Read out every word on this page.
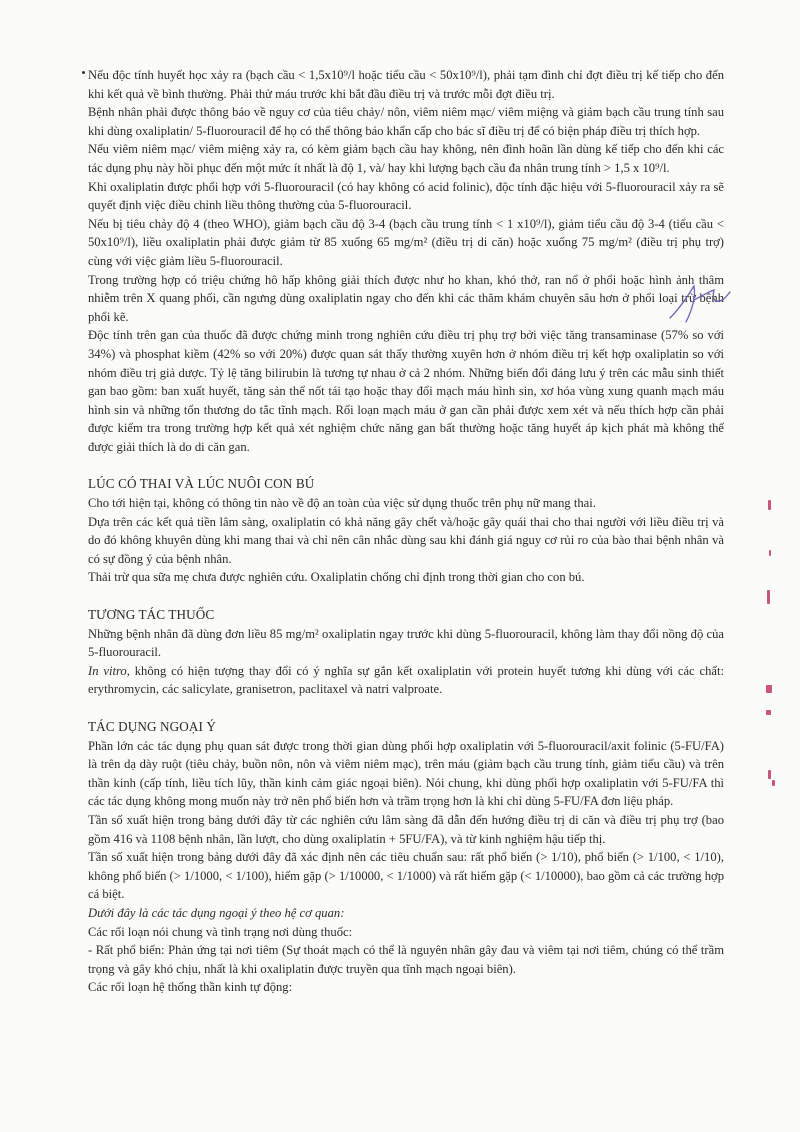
Nếu độc tính huyết học xảy ra (bạch cầu < 1,5x10⁹/l hoặc tiểu cầu < 50x10⁹/l), phải tạm đình chỉ đợt điều trị kế tiếp cho đến khi kết quả về bình thường. Phải thử máu trước khi bắt đầu điều trị và trước mỗi đợt điều trị.

Bệnh nhân phải được thông báo về nguy cơ của tiêu chảy/ nôn, viêm niêm mạc/ viêm miệng và giảm bạch cầu trung tính sau khi dùng oxaliplatin/ 5-fluorouracil để họ có thể thông báo khẩn cấp cho bác sĩ điều trị để có biện pháp điều trị thích hợp.

Nếu viêm niêm mạc/ viêm miệng xảy ra, có kèm giảm bạch cầu hay không, nên đình hoãn lần dùng kế tiếp cho đến khi các tác dụng phụ này hồi phục đến một mức ít nhất là độ 1, và/ hay khi lượng bạch cầu đa nhân trung tính > 1,5 x 10⁹/l.

Khi oxaliplatin được phối hợp với 5-fluorouracil (có hay không có acid folinic), độc tính đặc hiệu với 5-fluorouracil xảy ra sẽ quyết định việc điều chỉnh liều thông thường của 5-fluorouracil.

Nếu bị tiêu chảy độ 4 (theo WHO), giảm bạch cầu độ 3-4 (bạch cầu trung tính < 1 x10⁹/l), giảm tiểu cầu độ 3-4 (tiểu cầu < 50x10⁹/l), liều oxaliplatin phải được giảm từ 85 xuống 65 mg/m² (điều trị di căn) hoặc xuống 75 mg/m² (điều trị phụ trợ) cùng với việc giảm liều 5-fluorouracil.

Trong trường hợp có triệu chứng hô hấp không giải thích được như ho khan, khó thở, ran nổ ở phổi hoặc hình ảnh thâm nhiễm trên X quang phổi, cần ngưng dùng oxaliplatin ngay cho đến khi các thăm khám chuyên sâu hơn ở phổi loại trừ bệnh phổi kẽ.

Độc tính trên gan của thuốc đã được chứng minh trong nghiên cứu điều trị phụ trợ bởi việc tăng transaminase (57% so với 34%) và phosphat kiềm (42% so với 20%) được quan sát thấy thường xuyên hơn ở nhóm điều trị kết hợp oxaliplatin so với nhóm điều trị giả dược. Tỷ lệ tăng bilirubin là tương tự nhau ở cả 2 nhóm. Những biến đổi đáng lưu ý trên các mẫu sinh thiết gan bao gồm: ban xuất huyết, tăng sản thể nốt tái tạo hoặc thay đổi mạch máu hình sin, xơ hóa vùng xung quanh mạch máu hình sin và những tổn thương do tắc tĩnh mạch. Rối loạn mạch máu ở gan cần phải được xem xét và nếu thích hợp cần phải được kiểm tra trong trường hợp kết quả xét nghiệm chức năng gan bất thường hoặc tăng huyết áp kịch phát mà không thể được giải thích là do di căn gan.

LÚC CÓ THAI VÀ LÚC NUÔI CON BÚ

Cho tới hiện tại, không có thông tin nào về độ an toàn của việc sử dụng thuốc trên phụ nữ mang thai.

Dựa trên các kết quả tiền lâm sàng, oxaliplatin có khả năng gây chết và/hoặc gây quái thai cho thai người với liều điều trị và do đó không khuyên dùng khi mang thai và chỉ nên cân nhắc dùng sau khi đánh giá nguy cơ rủi ro của bào thai bệnh nhân và có sự đồng ý của bệnh nhân.

Thải trừ qua sữa mẹ chưa được nghiên cứu. Oxaliplatin chống chỉ định trong thời gian cho con bú.

TƯƠNG TÁC THUỐC

Những bệnh nhân đã dùng đơn liều 85 mg/m² oxaliplatin ngay trước khi dùng 5-fluorouracil, không làm thay đổi nồng độ của 5-fluorouracil.

In vitro, không có hiện tượng thay đổi có ý nghĩa sự gắn kết oxaliplatin với protein huyết tương khi dùng với các chất: erythromycin, các salicylate, granisetron, paclitaxel và natri valproate.

TÁC DỤNG NGOẠI Ý

Phần lớn các tác dụng phụ quan sát được trong thời gian dùng phối hợp oxaliplatin với 5-fluorouracil/axit folinic (5-FU/FA) là trên dạ dày ruột (tiêu chảy, buồn nôn, nôn và viêm niêm mạc), trên máu (giảm bạch cầu trung tính, giảm tiểu cầu) và trên thần kinh (cấp tính, liều tích lũy, thần kinh cảm giác ngoại biên). Nói chung, khi dùng phối hợp oxaliplatin với 5-FU/FA thì các tác dụng không mong muốn này trở nên phổ biến hơn và trầm trọng hơn là khi chỉ dùng 5-FU/FA đơn liệu pháp.

Tần số xuất hiện trong bảng dưới đây từ các nghiên cứu lâm sàng đã dẫn đến hướng điều trị di căn và điều trị phụ trợ (bao gồm 416 và 1108 bệnh nhân, lần lượt, cho dùng oxaliplatin + 5FU/FA), và từ kinh nghiệm hậu tiếp thị.

Tần số xuất hiện trong bảng dưới đây đã xác định nên các tiêu chuẩn sau: rất phổ biến (> 1/10), phổ biến (> 1/100, < 1/10), không phổ biến (> 1/1000, < 1/100), hiếm gặp (> 1/10000, < 1/1000) và rất hiếm gặp (< 1/10000), bao gồm cả các trường hợp cá biệt.

Dưới đây là các tác dụng ngoại ý theo hệ cơ quan:

Các rối loạn nói chung và tình trạng nơi dùng thuốc:

- Rất phổ biến: Phản ứng tại nơi tiêm (Sự thoát mạch có thể là nguyên nhân gây đau và viêm tại nơi tiêm, chúng có thể trầm trọng và gây khó chịu, nhất là khi oxaliplatin được truyền qua tĩnh mạch ngoại biên).

Các rối loạn hệ thống thần kinh tự động:
